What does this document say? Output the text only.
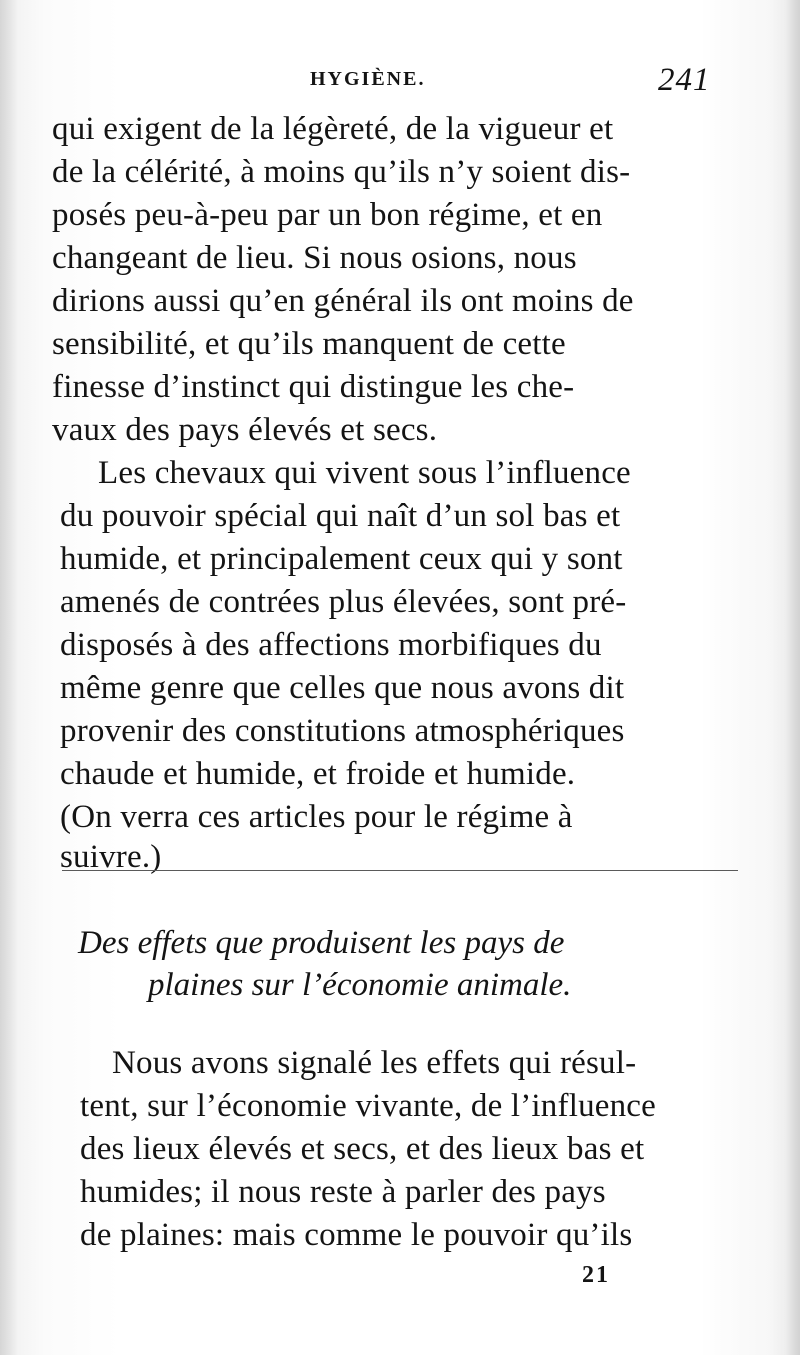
HYGIÈNE.	241
qui exigent de la légèreté, de la vigueur et
de la célérité, à moins qu’ils n’y soient dis-
posés peu-à-peu par un bon régime, et en
changeant de lieu. Si nous osions, nous
dirions aussi qu’en général ils ont moins de
sensibilité, et qu’ils manquent de cette
finesse d’instinct qui distingue les che-
vaux des pays élevés et secs.
Les chevaux qui vivent sous l’influence
du pouvoir spécial qui naît d’un sol bas et
humide, et principalement ceux qui y sont
amenés de contrées plus élevées, sont pré-
disposés à des affections morbifiques du
même genre que celles que nous avons dit
provenir des constitutions atmosphériques
chaude et humide, et froide et humide.
(On verra ces articles pour le régime à
suivre.)
Des effets que produisent les pays de
plaines sur l’économie animale.
Nous avons signalé les effets qui résul-
tent, sur l’économie vivante, de l’influence
des lieux élevés et secs, et des lieux bas et
humides; il nous reste à parler des pays
de plaines: mais comme le pouvoir qu’ils
21
